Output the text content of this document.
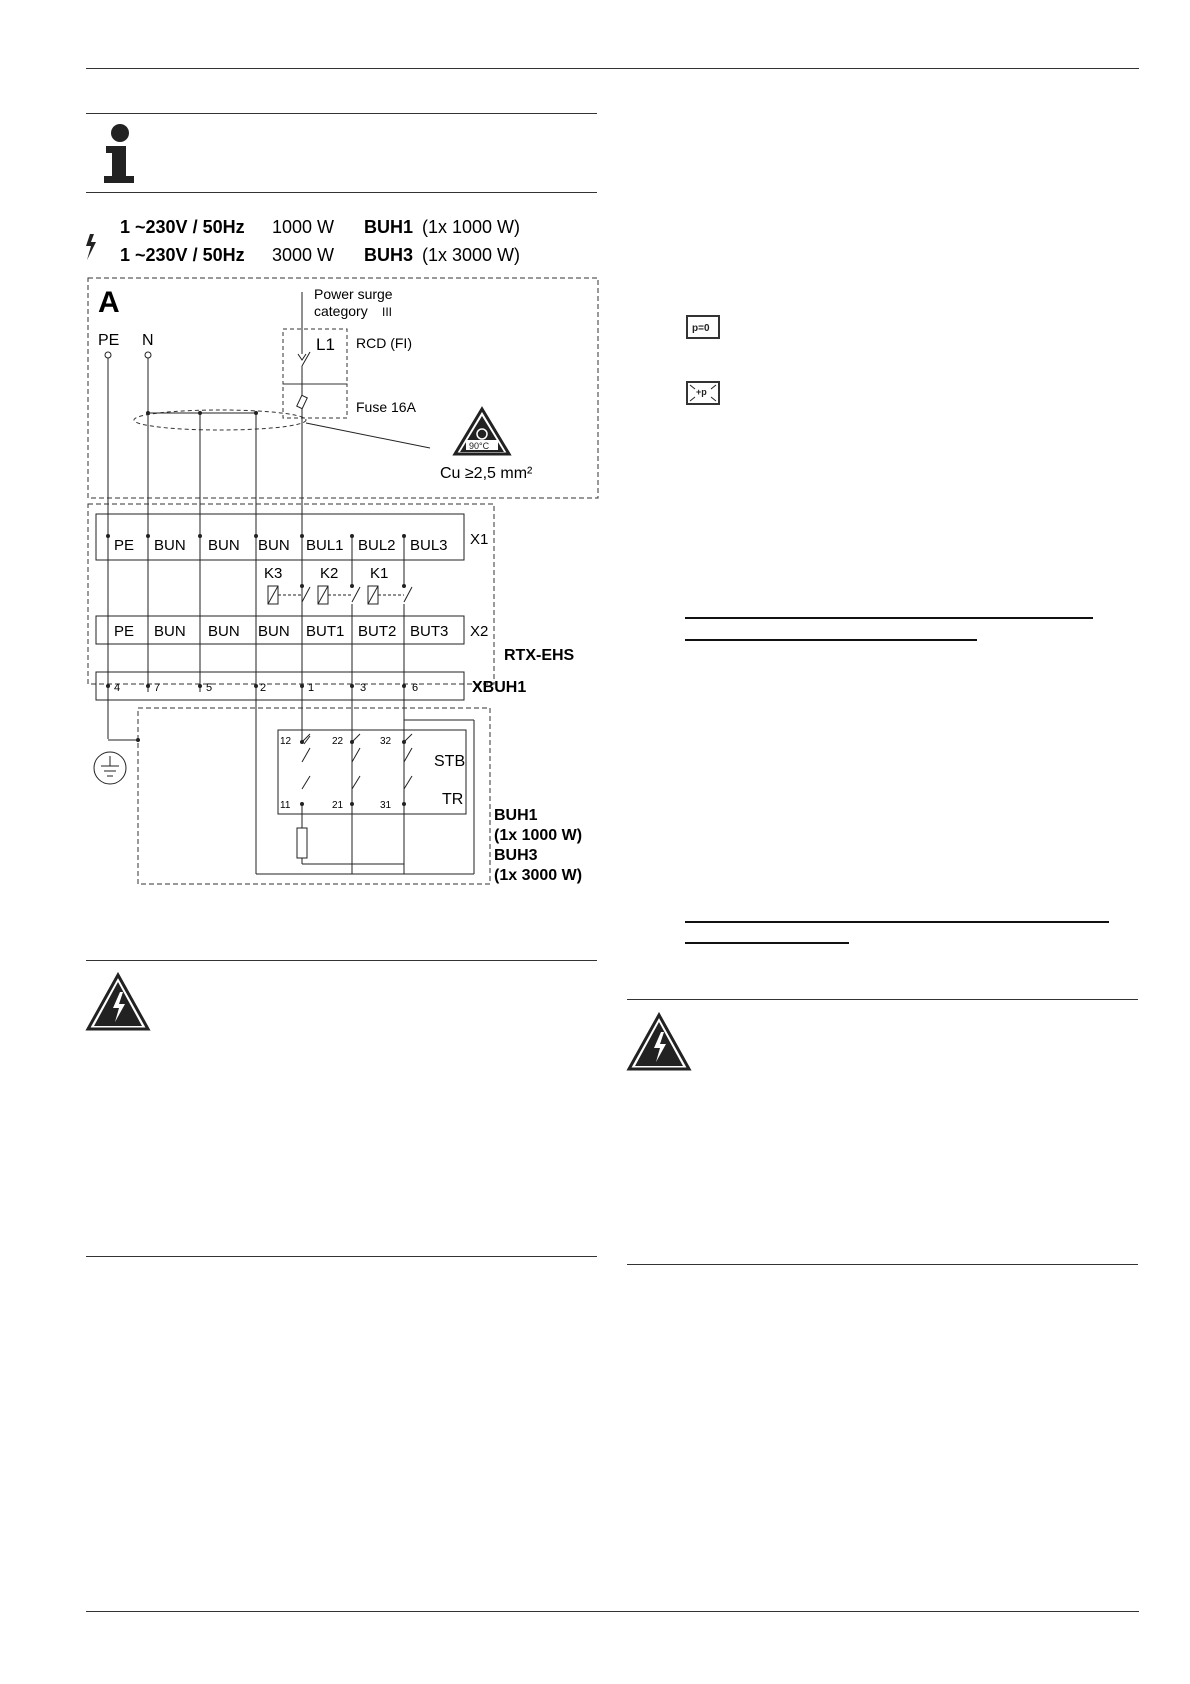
1 ~230V / 50Hz 1000 W BUH1 (1x 1000 W)
1 ~230V / 50Hz 3000 W BUH3 (1x 3000 W)
A
PE N
Power surge
category III
L1 RCD (FI)
Fuse 16A
90°C
Cu ≥2,5 mm²
PE BUN BUN BUN BUL1 BUL2 BUL3 X1
K3	K2 K1
PE BUN BUN BUN BUT1 BUT2 BUT3 X2
RTX-EHS
4	7	5	2	1	3	6	XBUH1
12	22	32
11	21	31
STB
TR
BUH1
(1x 1000 W)
BUH3
(1x 3000 W)
p=0
+p
